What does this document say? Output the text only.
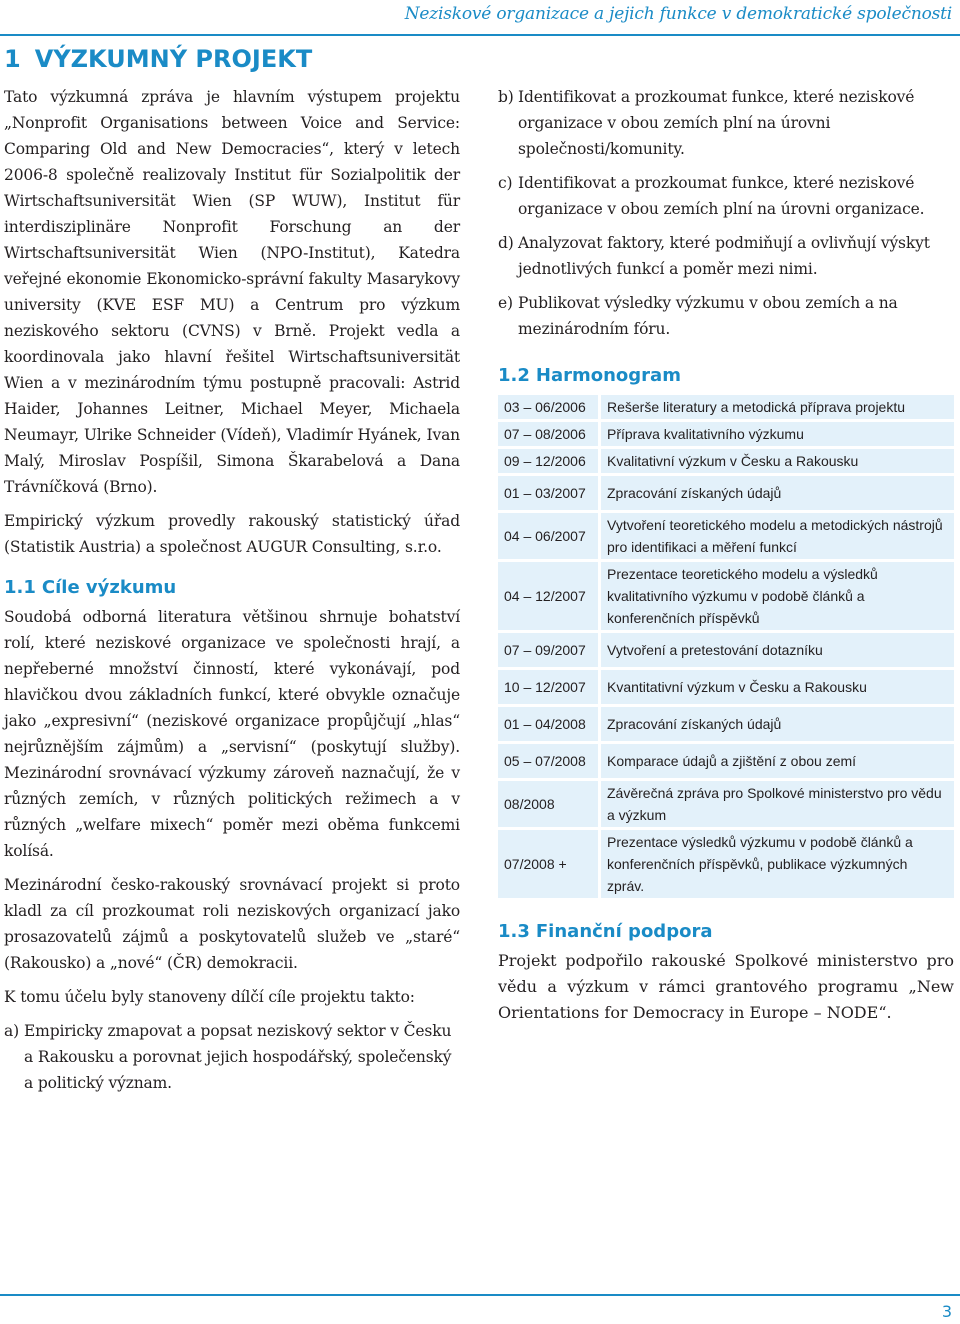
Neziskové organizace a jejich funkce v demokratické společnosti
1 VÝZKUMNÝ PROJEKT

Tato výzkumná zpráva je hlavním výstupem projektu „Nonprofit Organisations between Voice and Service: Comparing Old and New Democracies“, který v letech 2006-8 společně realizovaly Institut für Sozialpolitik der Wirtschaftsuniversität Wien (SP WUW), Institut für interdisziplinäre Nonprofit Forschung an der Wirtschaftsuniversität Wien (NPO-Institut), Katedra veřejné ekonomie Ekonomicko-správní fakulty Masarykovy university (KVE ESF MU) a Centrum pro výzkum neziskového sektoru (CVNS) v Brně. Projekt vedla a koordinovala jako hlavní řešitel Wirtschaftsuniversität Wien a v mezinárodním týmu postupně pracovali: Astrid Haider, Johannes Leitner, Michael Meyer, Michaela Neumayr, Ulrike Schneider (Vídeň), Vladimír Hyánek, Ivan Malý, Miroslav Pospíšil, Simona Škarabelová a Dana Trávníčková (Brno).

Empirický výzkum provedly rakouský statistický úřad (Statistik Austria) a společnost AUGUR Consulting, s.r.o.

1.1 Cíle výzkumu

Soudobá odborná literatura většinou shrnuje bohatství rolí, které neziskové organizace ve společnosti hrají, a nepřeberné množství činností, které vykonávají, pod hlavičkou dvou základních funkcí, které obvykle označuje jako „expresivní“ (neziskové organizace propůjčují „hlas“ nejrůznějším zájmům) a „servisní“ (poskytují služby). Mezinárodní srovnávací výzkumy zároveň naznačují, že v různých zemích, v různých politických režimech a v různých „welfare mixech“ poměr mezi oběma funkcemi kolísá.

Mezinárodní česko-rakouský srovnávací projekt si proto kladl za cíl prozkoumat roli neziskových organizací jako prosazovatelů zájmů a poskytovatelů služeb ve „staré“ (Rakousko) a „nové“ (ČR) demokracii.

K tomu účelu byly stanoveny dílčí cíle projektu takto:

a) Empiricky zmapovat a popsat neziskový sektor v Česku a Rakousku a porovnat jejich hospodářský, společenský a politický význam.
b) Identifikovat a prozkoumat funkce, které neziskové organizace v obou zemích plní na úrovni společnosti/komunity.
c) Identifikovat a prozkoumat funkce, které neziskové organizace v obou zemích plní na úrovni organizace.
d) Analyzovat faktory, které podmiňují a ovlivňují výskyt jednotlivých funkcí a poměr mezi nimi.
e) Publikovat výsledky výzkumu v obou zemích a na mezinárodním fóru.
1.2 Harmonogram
03 – 06/2006	Rešerše literatury a metodická příprava projektu
07 – 08/2006	Příprava kvalitativního výzkumu
09 – 12/2006	Kvalitativní výzkum v Česku a Rakousku
01 – 03/2007	Zpracování získaných údajů
04 – 06/2007	Vytvoření teoretického modelu a metodických nástrojů pro identifikaci a měření funkcí
04 – 12/2007	Prezentace teoretického modelu a výsledků kvalitativního výzkumu v podobě článků a konferenčních příspěvků
07 – 09/2007	Vytvoření a pretestování dotazníku
10 – 12/2007	Kvantitativní výzkum v Česku a Rakousku
01 – 04/2008	Zpracování získaných údajů
05 – 07/2008	Komparace údajů a zjištění z obou zemí
08/2008	Závěrečná zpráva pro Spolkové ministerstvo pro vědu a výzkum
07/2008 +	Prezentace výsledků výzkumu v podobě článků a konferenčních příspěvků, publikace výzkumných zpráv.
1.3 Finanční podpora

Projekt podpořilo rakouské Spolkové ministerstvo pro vědu a výzkum v rámci grantového programu „New Orientations for Democracy in Europe – NODE“.

3
